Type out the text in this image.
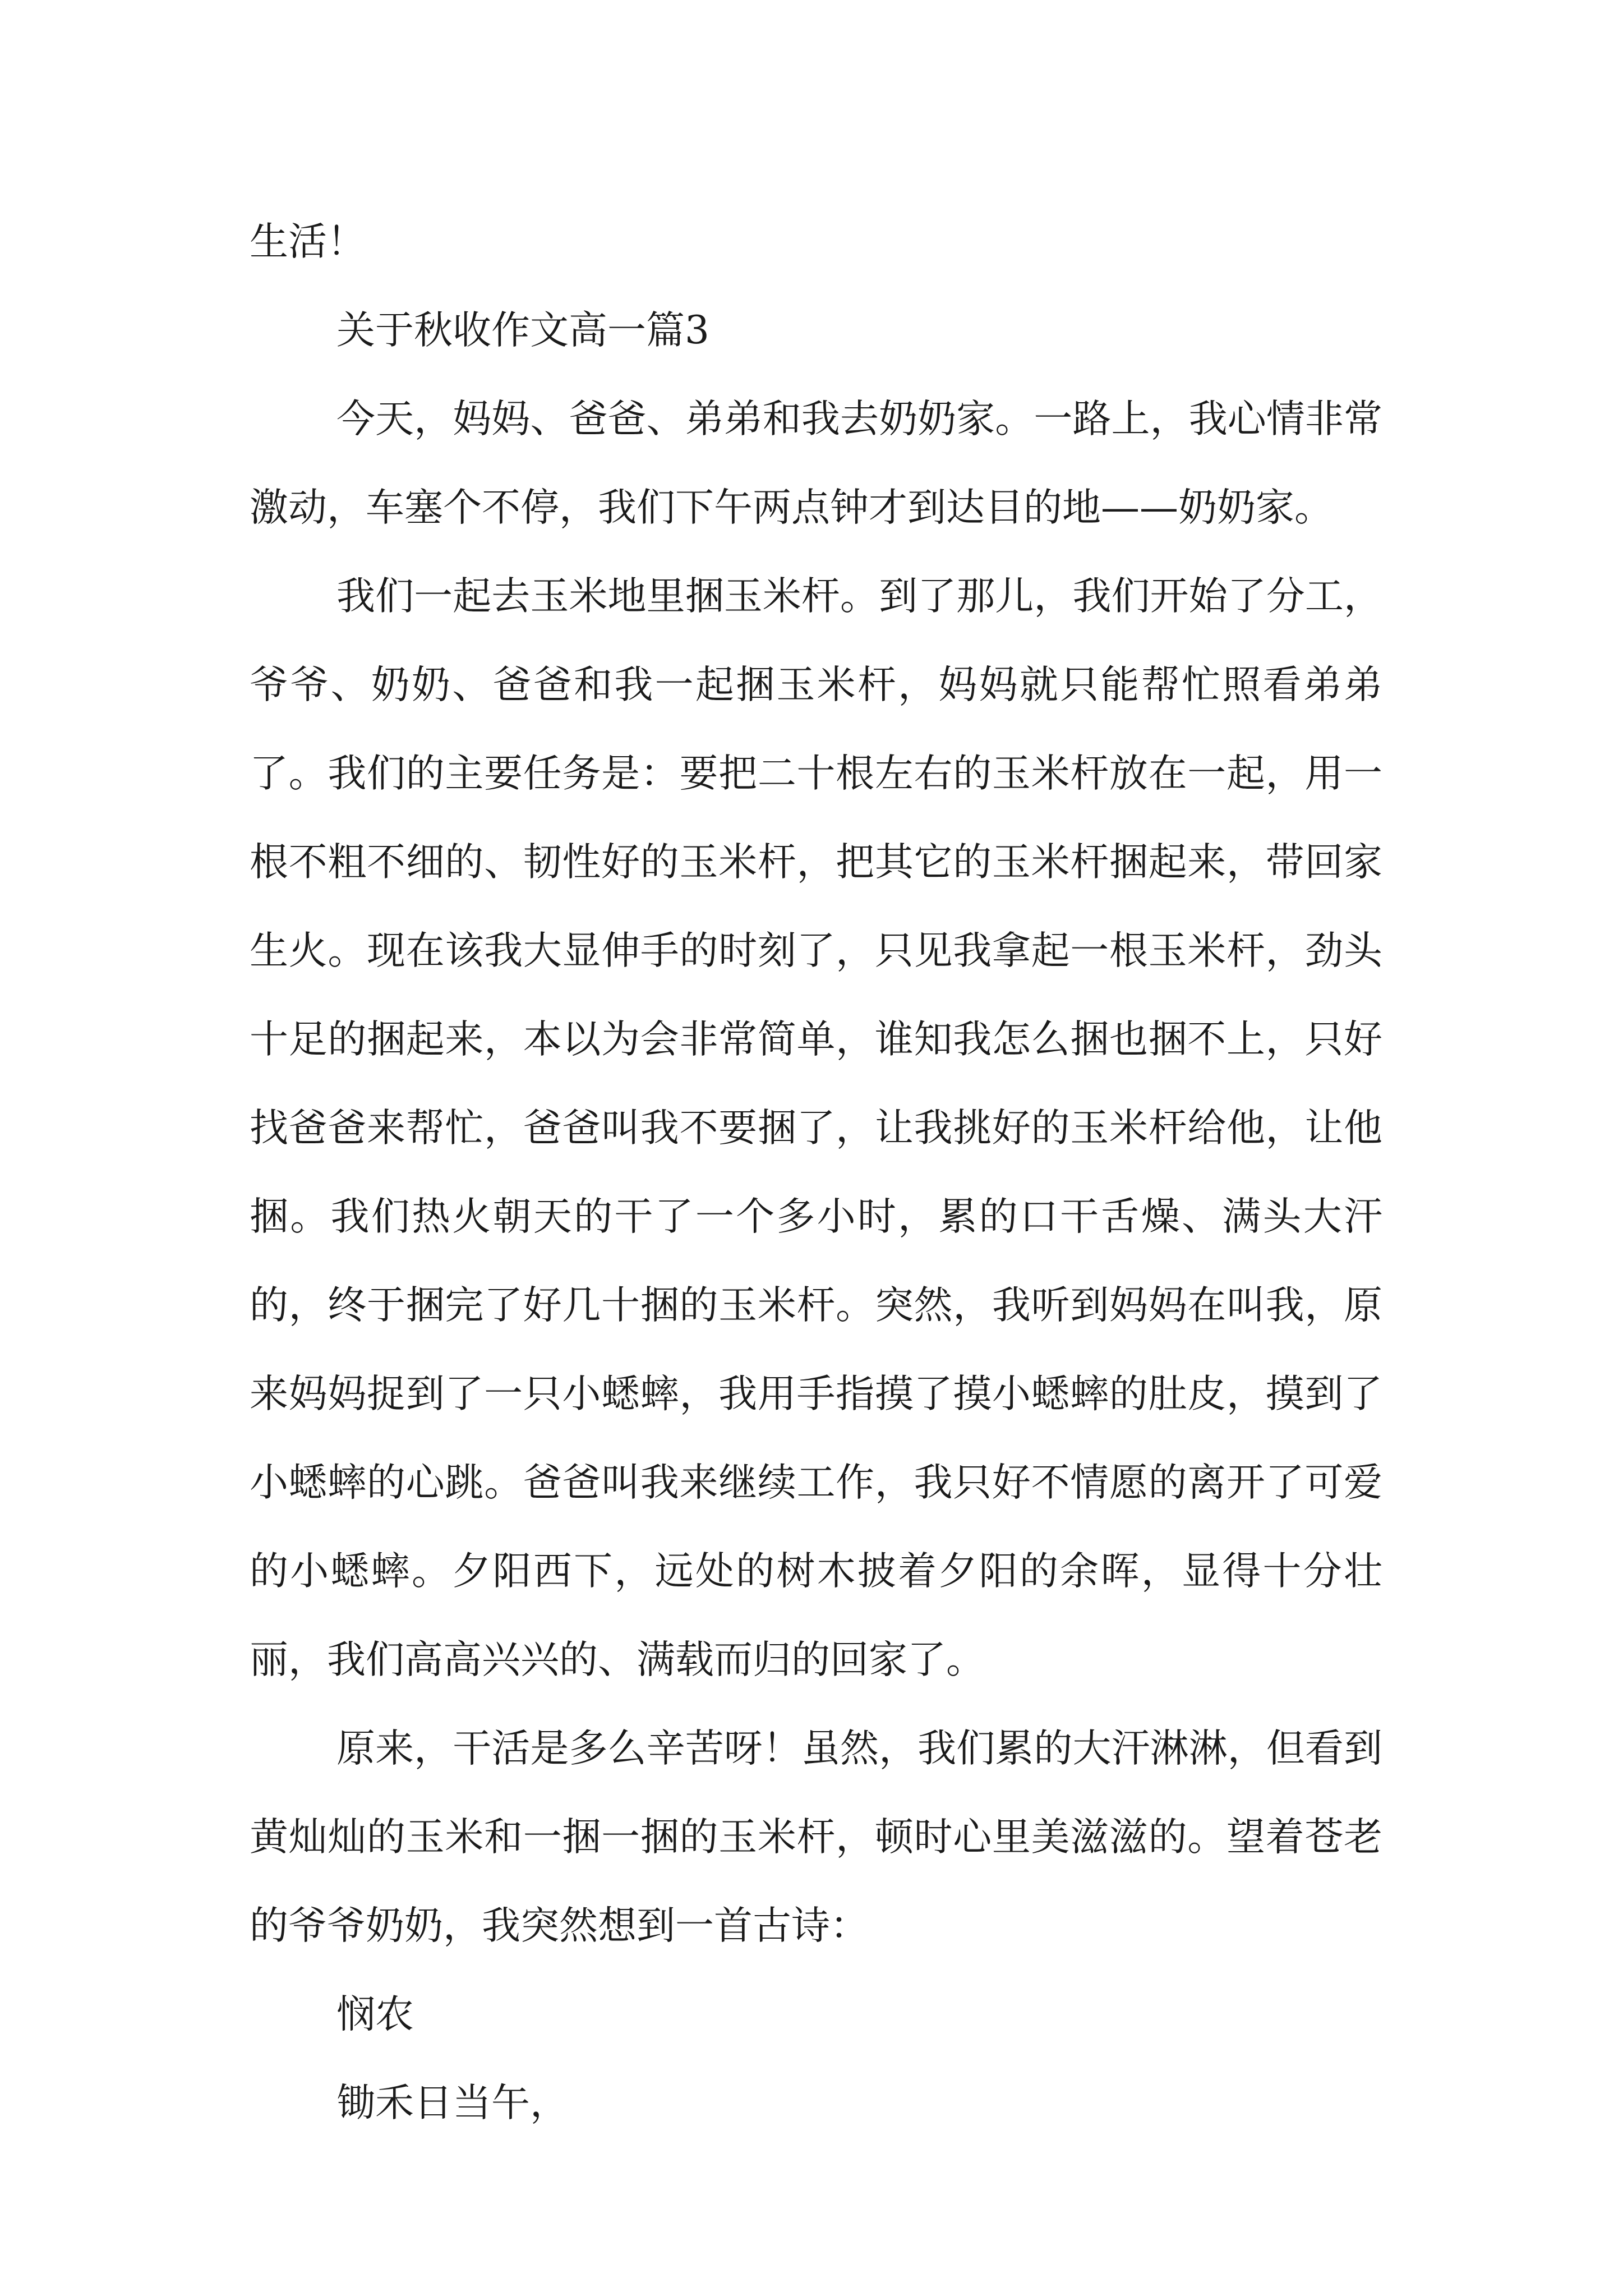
生活！

关于秋收作文高一篇3

今天，妈妈、爸爸、弟弟和我去奶奶家。一路上，我心情非常激动，车塞个不停，我们下午两点钟才到达目的地——奶奶家。

我们一起去玉米地里捆玉米杆。到了那儿，我们开始了分工，爷爷、奶奶、爸爸和我一起捆玉米杆，妈妈就只能帮忙照看弟弟了。我们的主要任务是：要把二十根左右的玉米杆放在一起，用一根不粗不细的、韧性好的玉米杆，把其它的玉米杆捆起来，带回家生火。现在该我大显伸手的时刻了，只见我拿起一根玉米杆，劲头十足的捆起来，本以为会非常简单，谁知我怎么捆也捆不上，只好找爸爸来帮忙，爸爸叫我不要捆了，让我挑好的玉米杆给他，让他捆。我们热火朝天的干了一个多小时，累的口干舌燥、满头大汗的，终于捆完了好几十捆的玉米杆。突然，我听到妈妈在叫我，原来妈妈捉到了一只小蟋蟀，我用手指摸了摸小蟋蟀的肚皮，摸到了小蟋蟀的心跳。爸爸叫我来继续工作，我只好不情愿的离开了可爱的小蟋蟀。夕阳西下，远处的树木披着夕阳的余晖，显得十分壮丽，我们高高兴兴的、满载而归的回家了。

原来，干活是多么辛苦呀！虽然，我们累的大汗淋淋，但看到黄灿灿的玉米和一捆一捆的玉米杆，顿时心里美滋滋的。望着苍老的爷爷奶奶，我突然想到一首古诗：

悯农

锄禾日当午，
